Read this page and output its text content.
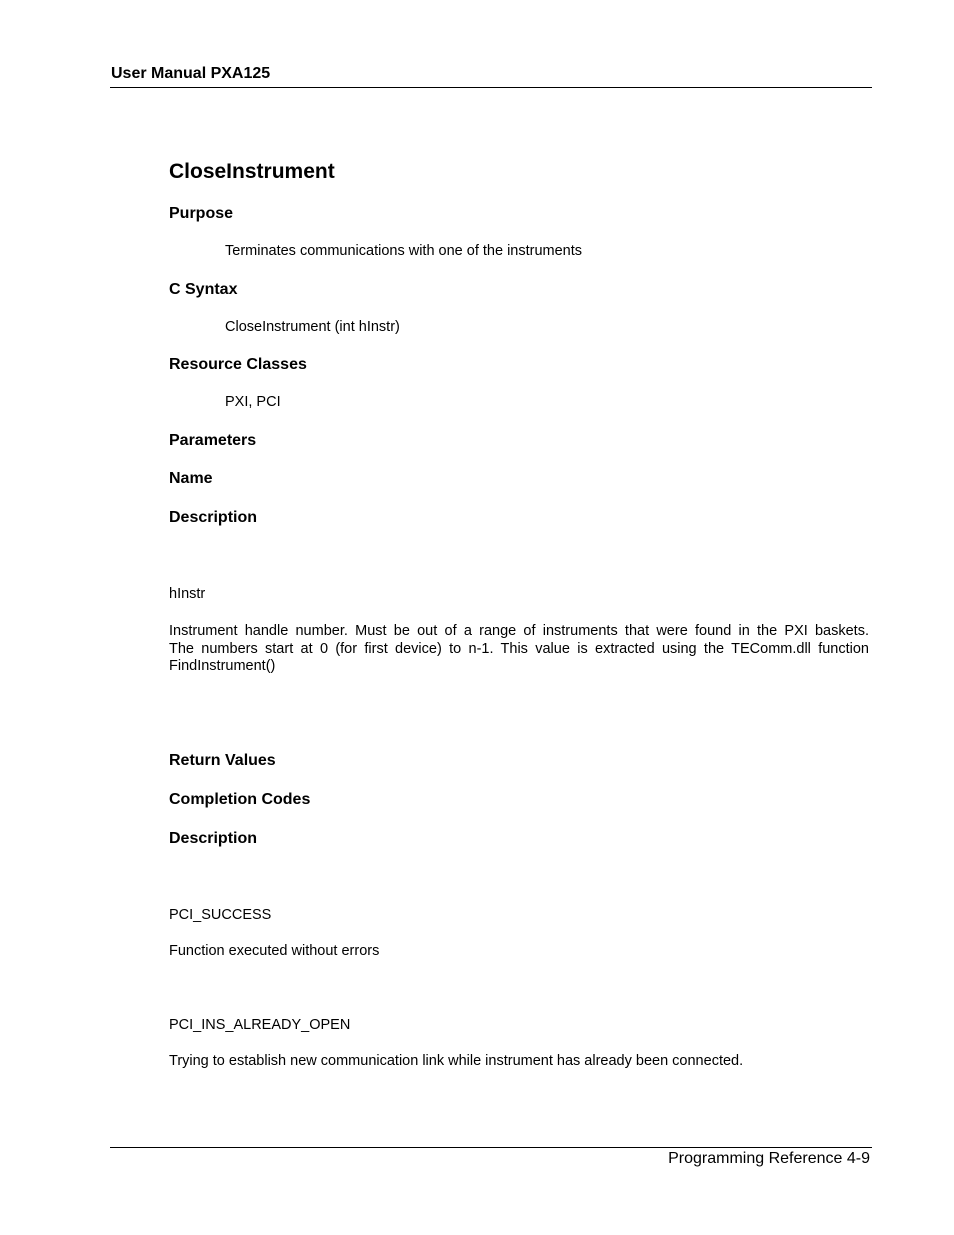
User Manual PXA125
CloseInstrument
Purpose
Terminates communications with one of the instruments
C Syntax
CloseInstrument (int hInstr)
Resource Classes
PXI, PCI
Parameters
Name
Description
hInstr
Instrument handle number. Must be out of a range of instruments that were found in the PXI baskets.
The numbers start at 0 (for first device) to n-1. This value is extracted using the TEComm.dll function
FindInstrument()
Return Values
Completion Codes
Description
PCI_SUCCESS
Function executed without errors
PCI_INS_ALREADY_OPEN
Trying to establish new communication link while instrument has already been connected.
Programming Reference 4-9
